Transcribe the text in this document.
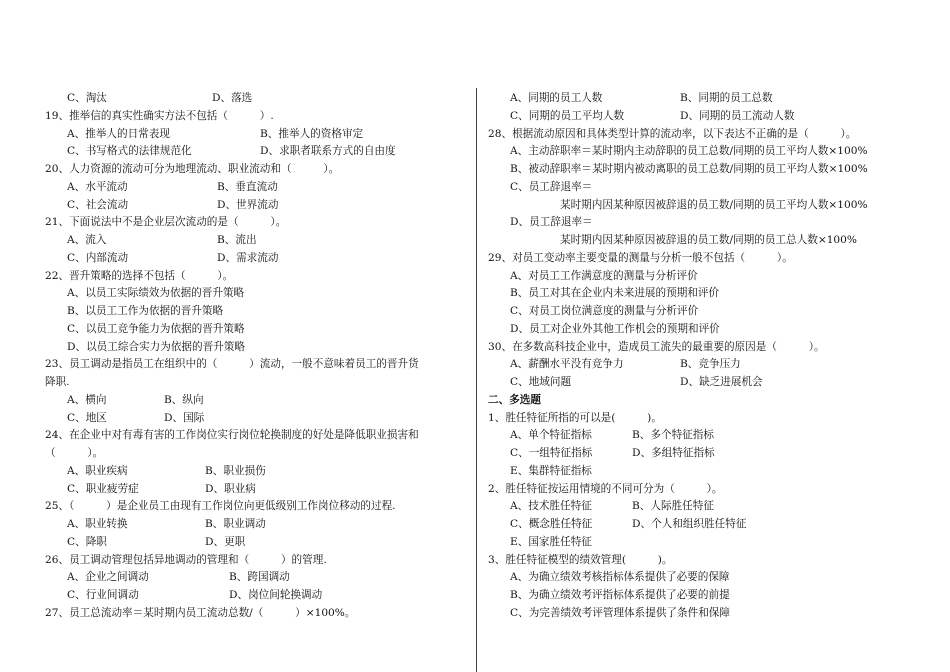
C、淘汰	D、落选
19、推举信的真实性确实方法不包括（　　　）.
A、推举人的日常表现	B、推举人的资格审定
C、书写格式的法律规范化	D、求职者联系方式的自由度
20、人力资源的流动可分为地理流动、职业流动和（　　　）。
A、水平流动	B、垂直流动
C、社会流动	D、世界流动
21、下面说法中不是企业层次流动的是（　　　）。
A、流入	B、流出
C、内部流动	D、需求流动
22、晋升策略的选择不包括（　　　）。
A、以员工实际绩效为依据的晋升策略
B、以员工工作为依据的晋升策略
C、以员工竞争能力为依据的晋升策略
D、以员工综合实力为依据的晋升策略
23、员工调动是指员工在组织中的（　　　）流动，一般不意味着员工的晋升货
降职.
A、横向	B、纵向
C、地区	D、国际
24、在企业中对有毒有害的工作岗位实行岗位轮换制度的好处是降低职业损害和
（　　　）。
A、职业疾病	B、职业损伤
C、职业疲劳症	D、职业病
25、（　　　）是企业员工由现有工作岗位向更低级别工作岗位移动的过程.
A、职业转换	B、职业调动
C、降职	D、更职
26、员工调动管理包括异地调动的管理和（　　　）的管理.
A、企业之间调动	B、跨国调动
C、行业间调动	D、岗位间轮换调动
27、员工总流动率＝某时期内员工流动总数/（　　　）×100%。
A、同期的员工人数	B、同期的员工总数
C、同期的员工平均人数	D、同期的员工流动人数
28、根据流动原因和具体类型计算的流动率，以下表达不正确的是（　　　）。
A、主动辞职率＝某时期内主动辞职的员工总数/同期的员工平均人数×100%
B、被动辞职率＝某时期内被动离职的员工总数/同期的员工平均人数×100%
C、员工辞退率＝
某时期内因某种原因被辞退的员工数/同期的员工平均人数×100%
D、员工辞退率＝
某时期内因某种原因被辞退的员工数/同期的员工总人数×100%
29、对员工变动率主要变量的测量与分析一般不包括（　　　）。
A、对员工工作满意度的测量与分析评价
B、员工对其在企业内未来进展的预期和评价
C、对员工岗位满意度的测量与分析评价
D、员工对企业外其他工作机会的预期和评价
30、在多数高科技企业中，造成员工流失的最重要的原因是（　　　）。
A、薪酬水平没有竞争力	B、竞争压力
C、地域问题	D、缺乏进展机会
二、多选题
1、胜任特征所指的可以是(　　　)。
A、单个特征指标	B、多个特征指标
C、一组特征指标	D、多组特征指标
E、集群特征指标
2、胜任特征按运用情境的不同可分为（　　　）。
A、技术胜任特征	B、人际胜任特征
C、概念胜任特征	D、个人和组织胜任特征
E、国家胜任特征
3、胜任特征模型的绩效管理(　　　)。
A、为确立绩效考核指标体系提供了必要的保障
B、为确立绩效考评指标体系提供了必要的前提
C、为完善绩效考评管理体系提供了条件和保障
